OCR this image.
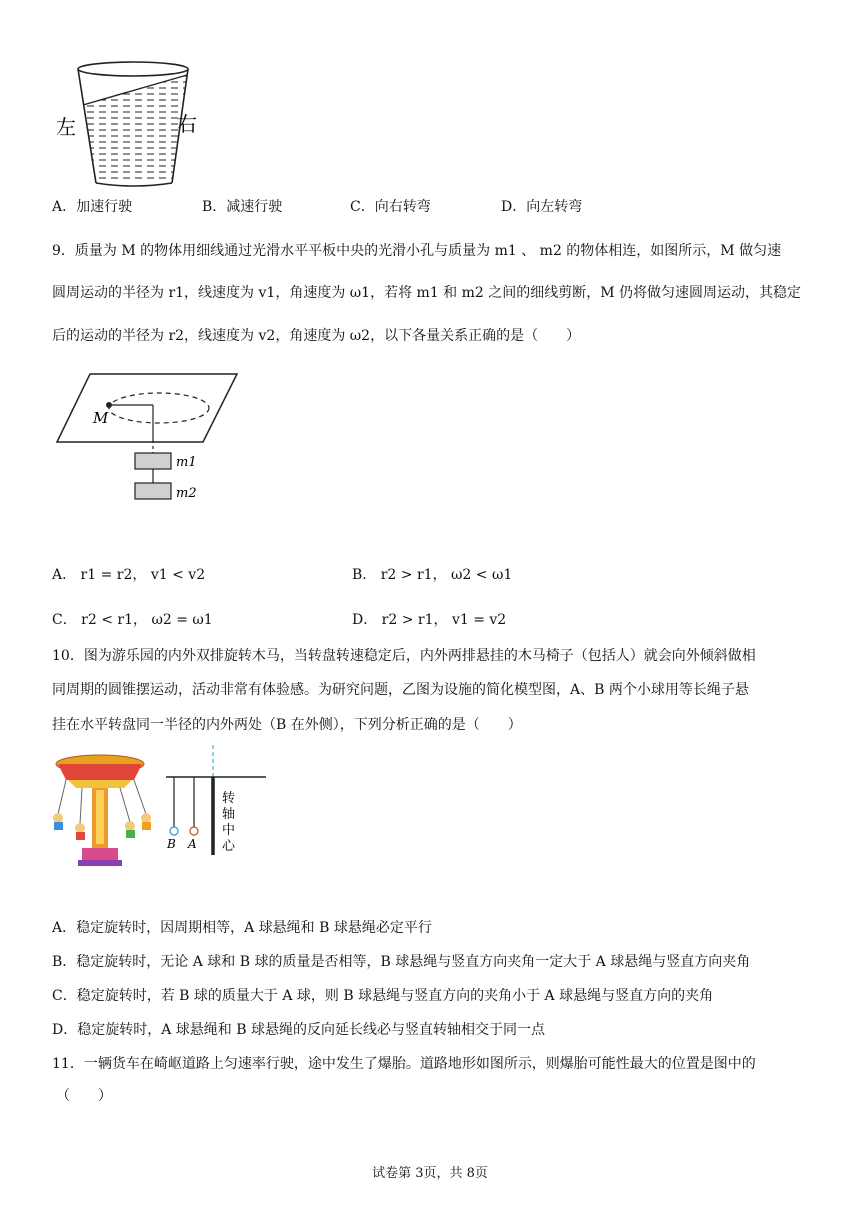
左	右
A．加速行驶	B．减速行驶	C．向右转弯	D．向左转弯
9．质量为 M 的物体用细线通过光滑水平平板中央的光滑小孔与质量为 m1 、 m2 的物体相连，如图所示，M 做匀速
圆周运动的半径为 r1，线速度为 v1，角速度为 ω1，若将 m1 和 m2 之间的细线剪断，M 仍将做匀速圆周运动，其稳定
后的运动的半径为 r2，线速度为 v2，角速度为 ω2，以下各量关系正确的是（　　）
M
m1
m2
A． r1 = r2， v1 < v2	B． r2 > r1， ω2 < ω1
C． r2 < r1， ω2 = ω1	D． r2 > r1， v1 = v2
10．图为游乐园的内外双排旋转木马，当转盘转速稳定后，内外两排悬挂的木马椅子（包括人）就会向外倾斜做相
同周期的圆锥摆运动，活动非常有体验感。为研究问题，乙图为设施的简化模型图，A、B 两个小球用等长绳子悬
挂在水平转盘同一半径的内外两处（B 在外侧），下列分析正确的是（　　）
B A
转
轴
中
心
A．稳定旋转时，因周期相等，A 球悬绳和 B 球悬绳必定平行
B．稳定旋转时，无论 A 球和 B 球的质量是否相等，B 球悬绳与竖直方向夹角一定大于 A 球悬绳与竖直方向夹角
C．稳定旋转时，若 B 球的质量大于 A 球，则 B 球悬绳与竖直方向的夹角小于 A 球悬绳与竖直方向的夹角
D．稳定旋转时，A 球悬绳和 B 球悬绳的反向延长线必与竖直转轴相交于同一点
11．一辆货车在崎岖道路上匀速率行驶，途中发生了爆胎。道路地形如图所示，则爆胎可能性最大的位置是图中的
（　　）
试卷第 3页，共 8页
